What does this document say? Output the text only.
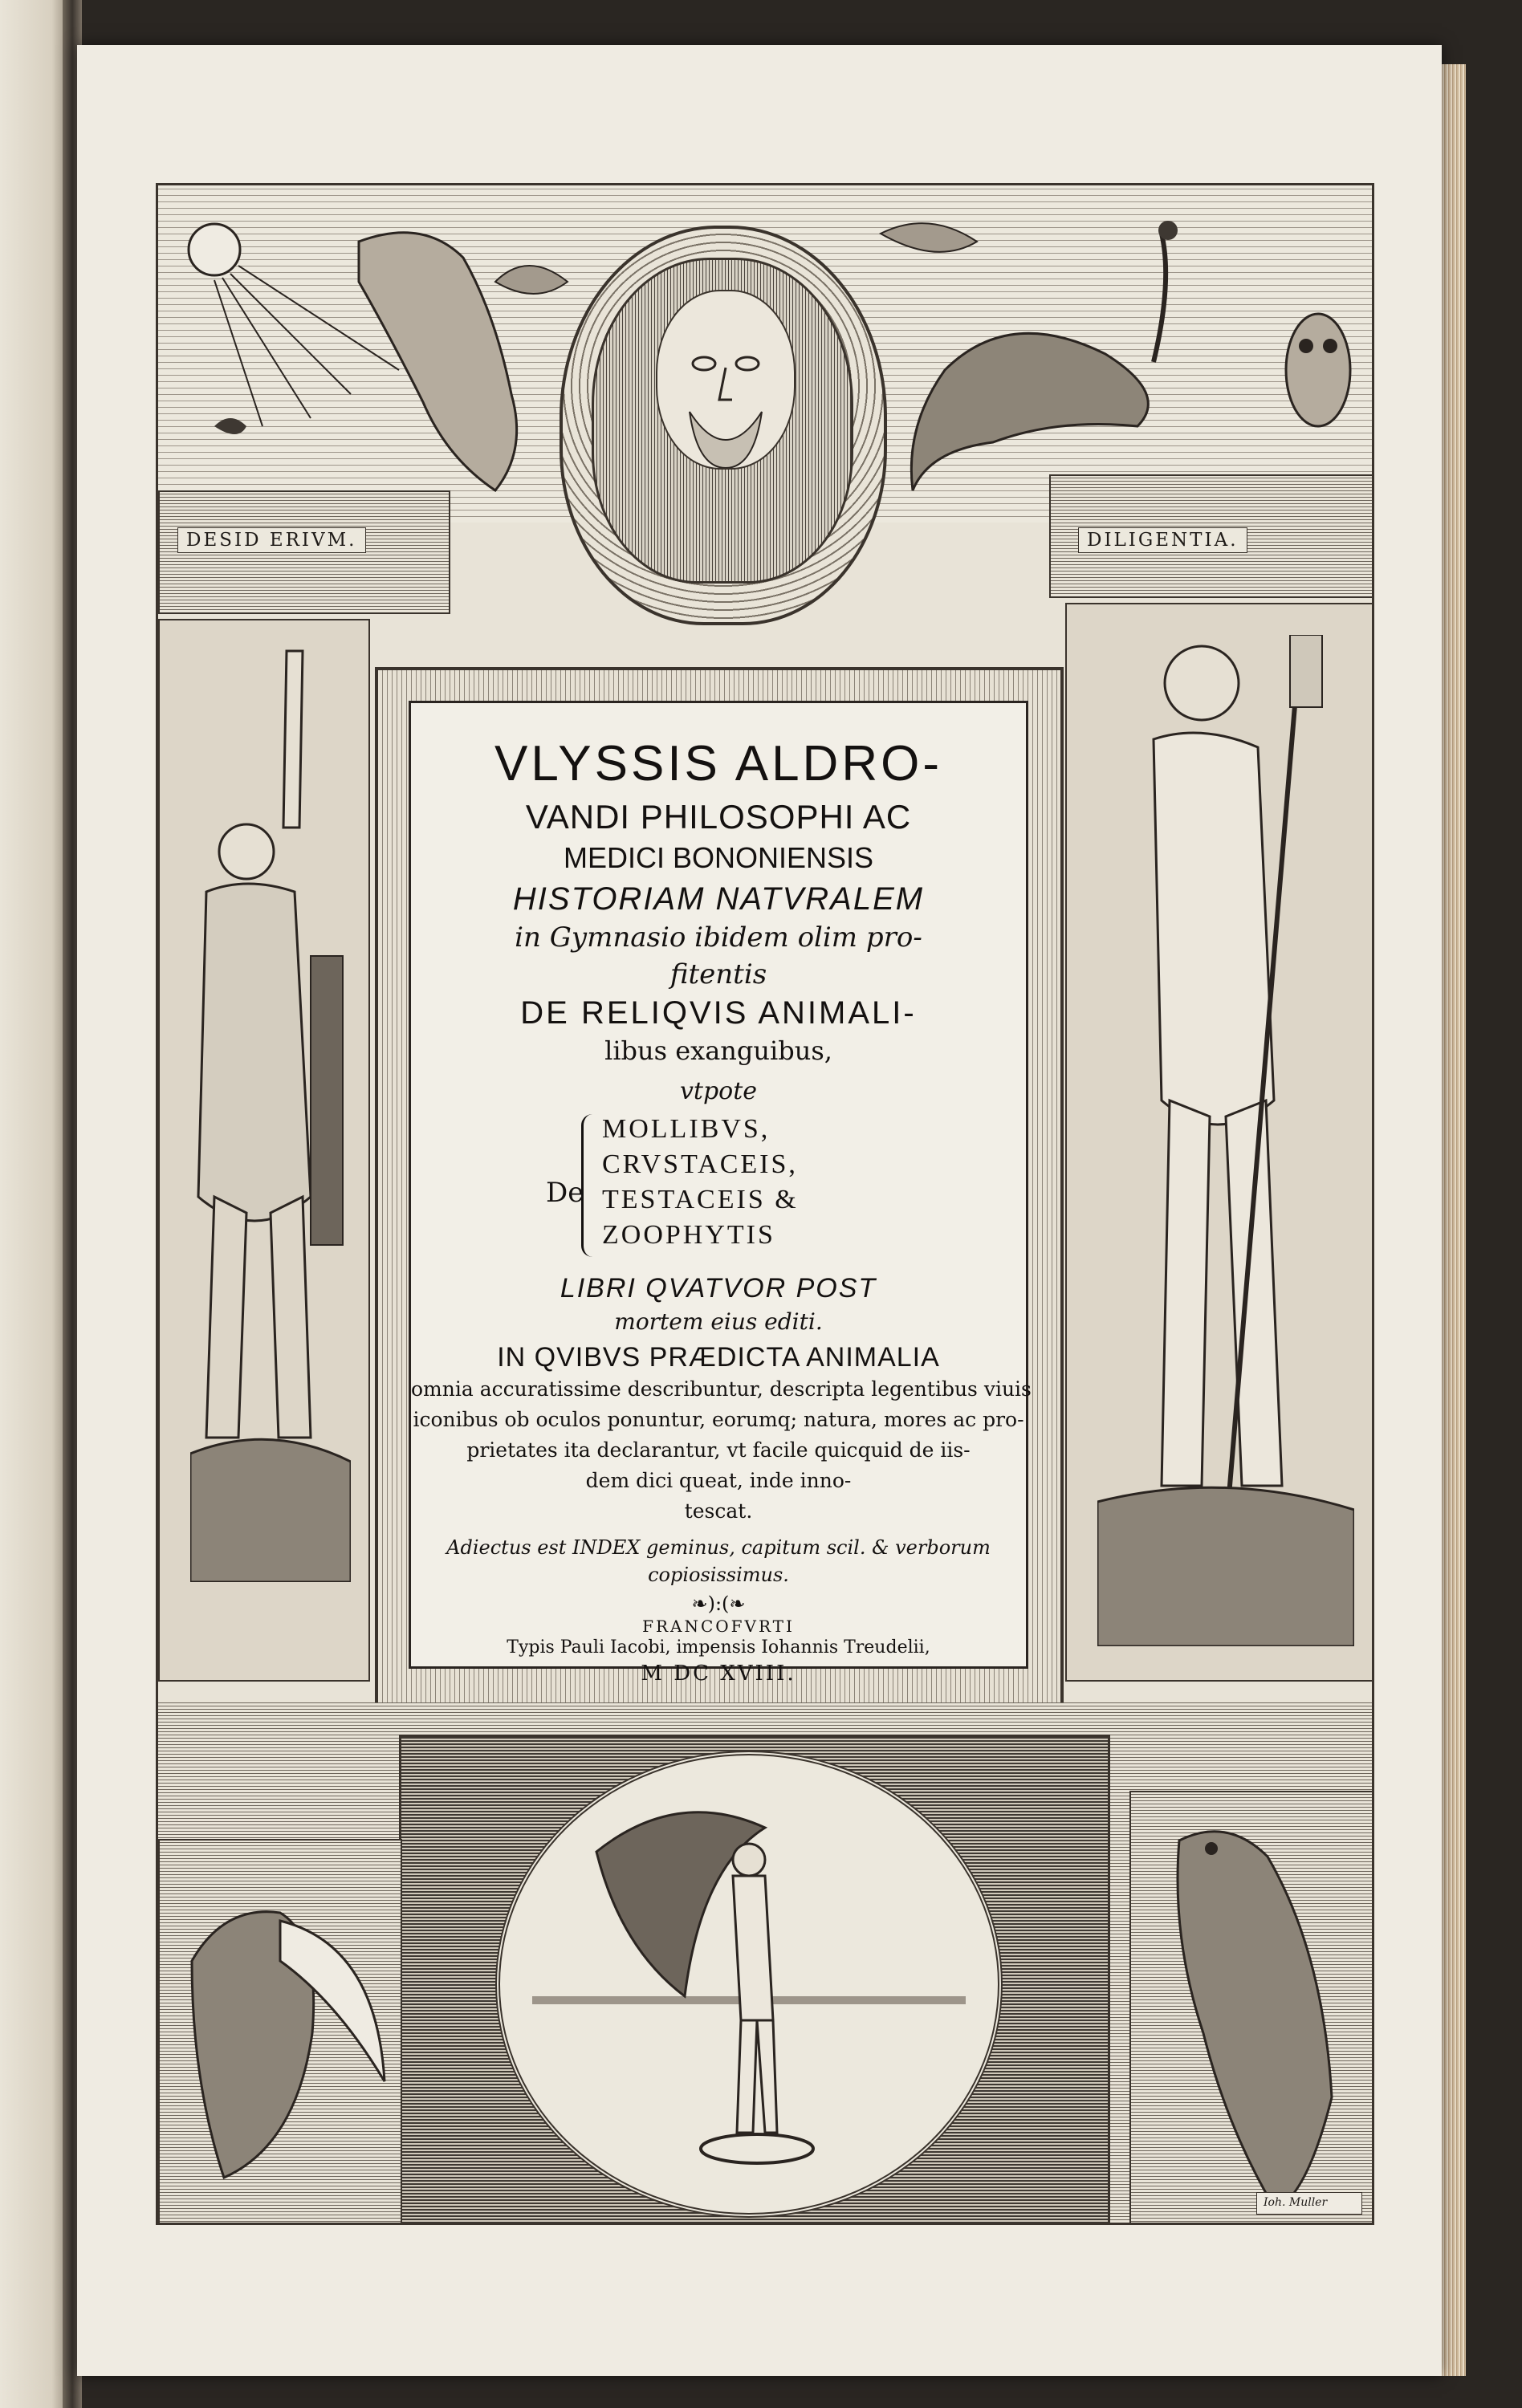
DESID ERIVM.	DILIGENTIA.
VLYSSIS ALDRO-
VANDI PHILOSOPHI AC
MEDICI BONONIENSIS
HISTORIAM NATVRALEM
in Gymnasio ibidem olim pro-
fitentis
DE RELIQVIS ANIMALI-
libus exanguibus,
vtpote
De
MOLLIBVS,
CRVSTACEIS,
TESTACEIS &
ZOOPHYTIS
LIBRI QVATVOR POST
mortem eius editi.
IN QVIBVS PRÆDICTA ANIMALIA
omnia accuratissime describuntur, descripta legentibus viuis
iconibus ob oculos ponuntur, eorumq; natura, mores ac pro-
prietates ita declarantur, vt facile quicquid de iis-
dem dici queat, inde inno-
tescat.
Adiectus est INDEX geminus, capitum scil. & verborum
copiosissimus.
❧):(❧
FRANCOFVRTI
Typis Pauli Iacobi, impensis Iohannis Treudelii,
M DC XVIII.
Ioh. Muller
